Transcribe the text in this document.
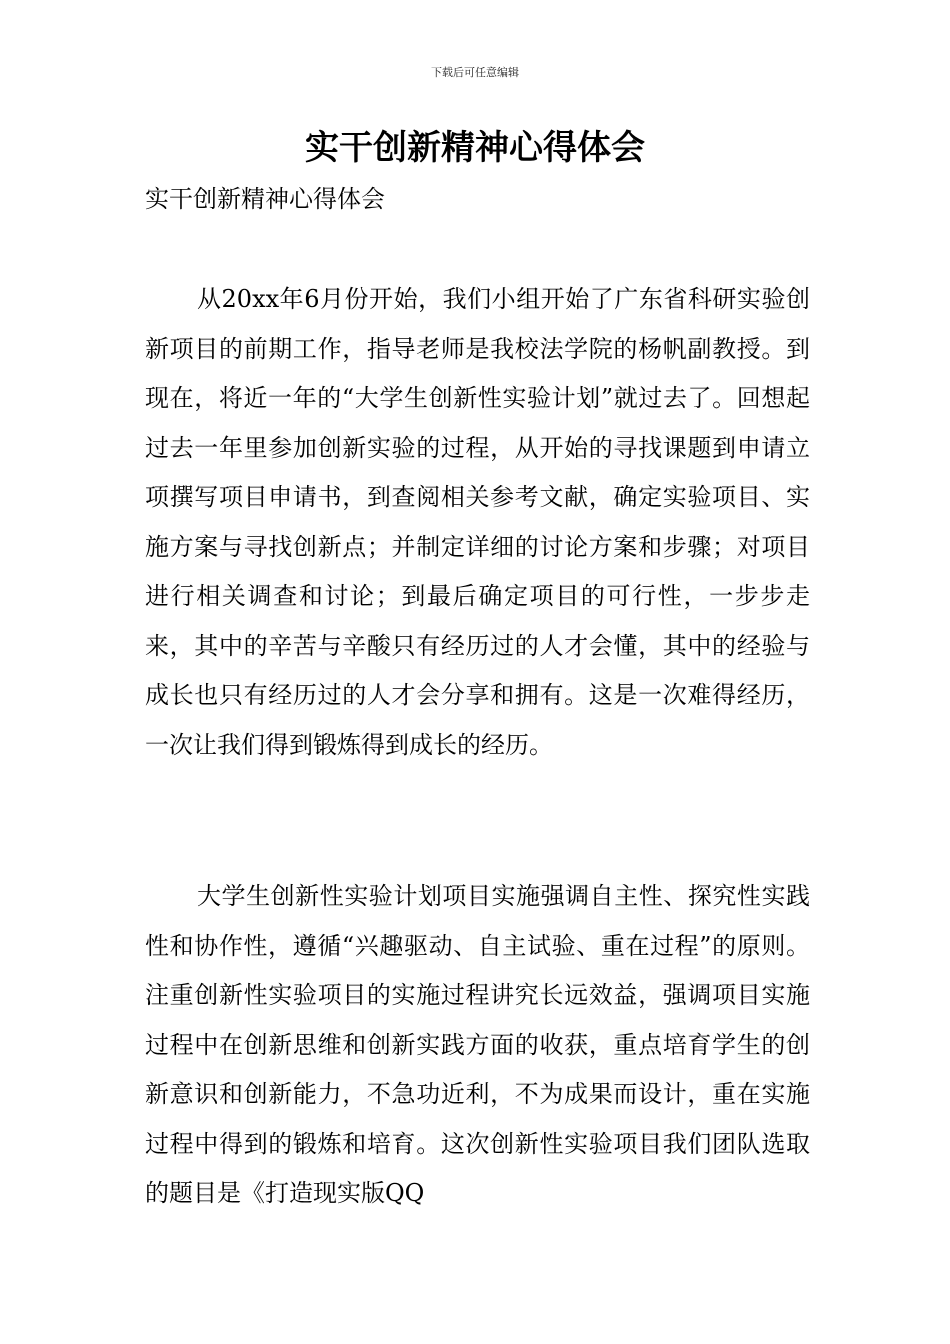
下载后可任意编辑
实干创新精神心得体会

实干创新精神心得体会

从20xx年6月份开始，我们小组开始了广东省科研实验创新项目的前期工作，指导老师是我校法学院的杨帆副教授。到现在，将近一年的“大学生创新性实验计划”就过去了。回想起过去一年里参加创新实验的过程，从开始的寻找课题到申请立项撰写项目申请书，到查阅相关参考文献，确定实验项目、实施方案与寻找创新点；并制定详细的讨论方案和步骤；对项目进行相关调查和讨论；到最后确定项目的可行性，一步步走来，其中的辛苦与辛酸只有经历过的人才会懂，其中的经验与成长也只有经历过的人才会分享和拥有。这是一次难得经历，一次让我们得到锻炼得到成长的经历。

大学生创新性实验计划项目实施强调自主性、探究性实践性和协作性，遵循“兴趣驱动、自主试验、重在过程”的原则。注重创新性实验项目的实施过程讲究长远效益，强调项目实施过程中在创新思维和创新实践方面的收获，重点培育学生的创新意识和创新能力，不急功近利，不为成果而设计，重在实施过程中得到的锻炼和培育。这次创新性实验项目我们团队选取的题目是《打造现实版QQ
